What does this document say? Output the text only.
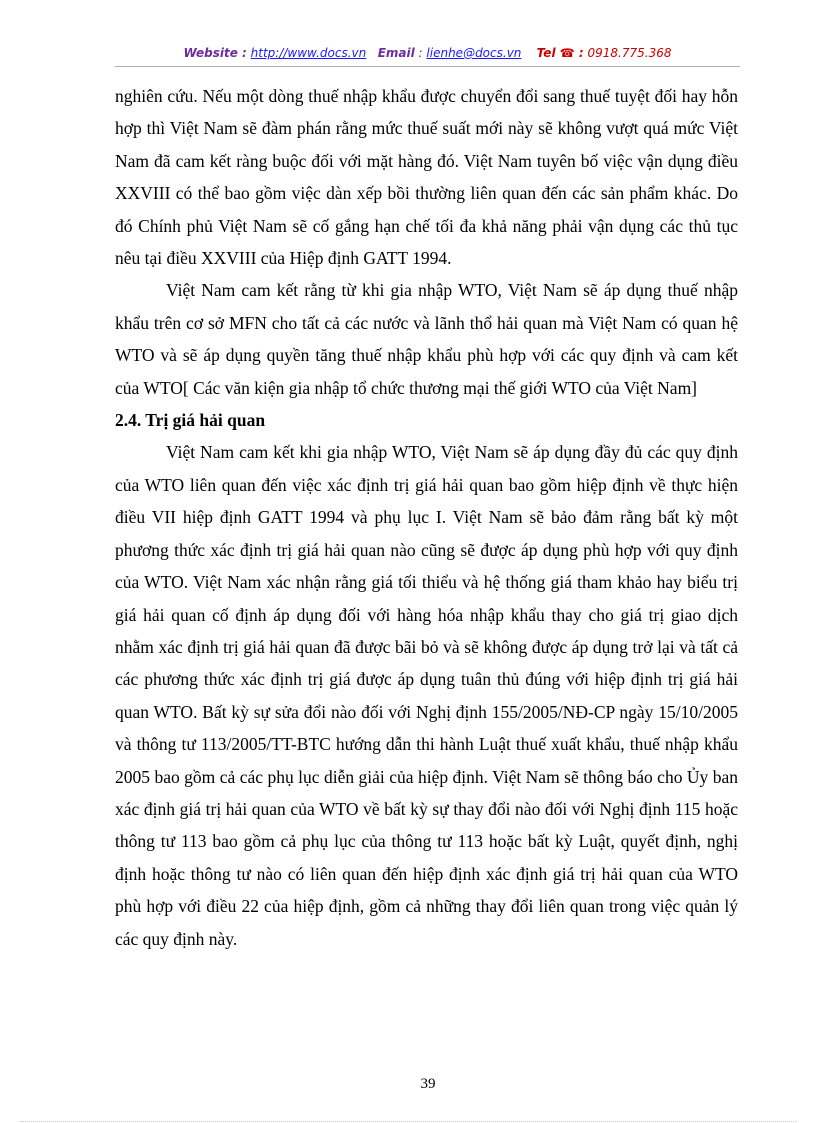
Website : http://www.docs.vn Email : lienhe@docs.vn Tel ☎ : 0918.775.368

nghiên cứu. Nếu một dòng thuế nhập khẩu được chuyển đổi sang thuế tuyệt đối hay hỗn hợp thì Việt Nam sẽ đàm phán rằng mức thuế suất mới này sẽ không vượt quá mức Việt Nam đã cam kết ràng buộc đối với mặt hàng đó. Việt Nam tuyên bố việc vận dụng điều XXVIII có thể bao gồm việc dàn xếp bồi thường liên quan đến các sản phẩm khác. Do đó Chính phủ Việt Nam sẽ cố gắng hạn chế tối đa khả năng phải vận dụng các thủ tục nêu tại điều XXVIII của Hiệp định GATT 1994.

Việt Nam cam kết rằng từ khi gia nhập WTO, Việt Nam sẽ áp dụng thuế nhập khẩu trên cơ sở MFN cho tất cả các nước và lãnh thổ hải quan mà Việt Nam có quan hệ WTO và sẽ áp dụng quyền tăng thuế nhập khẩu phù hợp với các quy định và cam kết của WTO[ Các văn kiện gia nhập tổ chức thương mại thế giới WTO của Việt Nam]

2.4. Trị giá hải quan

Việt Nam cam kết khi gia nhập WTO, Việt Nam sẽ áp dụng đầy đủ các quy định của WTO liên quan đến việc xác định trị giá hải quan bao gồm hiệp định về thực hiện điều VII hiệp định GATT 1994 và phụ lục I. Việt Nam sẽ bảo đảm rằng bất kỳ một phương thức xác định trị giá hải quan nào cũng sẽ được áp dụng phù hợp với quy định của WTO. Việt Nam xác nhận rằng giá tối thiểu và hệ thống giá tham khảo hay biểu trị giá hải quan cố định áp dụng đối với hàng hóa nhập khẩu thay cho giá trị giao dịch nhằm xác định trị giá hải quan đã được bãi bỏ và sẽ không được áp dụng trở lại và tất cả các phương thức xác định trị giá được áp dụng tuân thủ đúng với hiệp định trị giá hải quan WTO. Bất kỳ sự sửa đổi nào đối với Nghị định 155/2005/NĐ-CP ngày 15/10/2005 và thông tư 113/2005/TT-BTC hướng dẫn thi hành Luật thuế xuất khẩu, thuế nhập khẩu 2005 bao gồm cả các phụ lục diễn giải của hiệp định. Việt Nam sẽ thông báo cho Ủy ban xác định giá trị hải quan của WTO về bất kỳ sự thay đổi nào đối với Nghị định 115 hoặc thông tư 113 bao gồm cả phụ lục của thông tư 113 hoặc bất kỳ Luật, quyết định, nghị định hoặc thông tư nào có liên quan đến hiệp định xác định giá trị hải quan của WTO phù hợp với điều 22 của hiệp định, gồm cả những thay đổi liên quan trong việc quản lý các quy định này.

39
